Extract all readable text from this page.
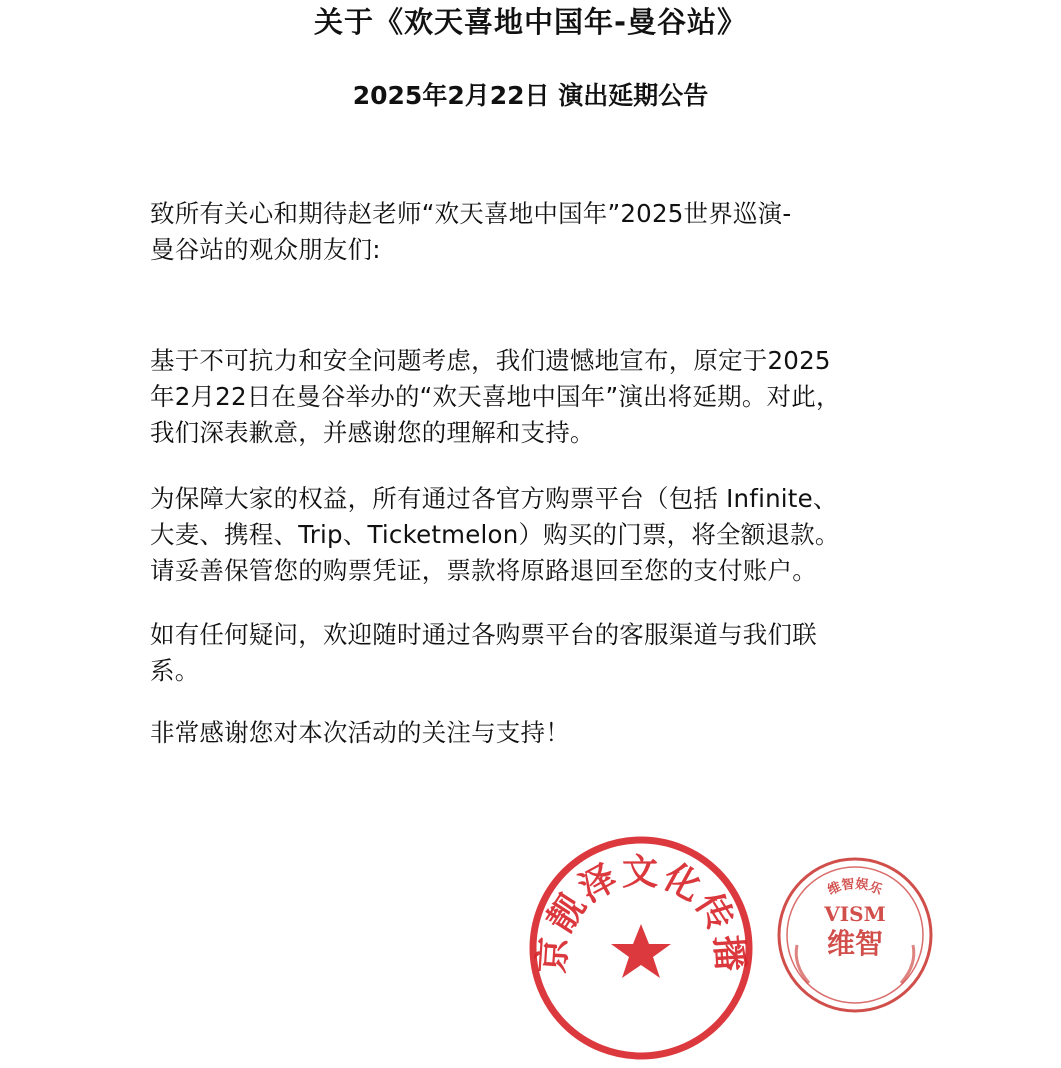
关于《欢天喜地中国年-曼谷站》
2025年2月22日 演出延期公告
致所有关心和期待赵老师“欢天喜地中国年”2025世界巡演-
曼谷站的观众朋友们:
基于不可抗力和安全问题考虑，我们遗憾地宣布，原定于2025
年2月22日在曼谷举办的“欢天喜地中国年”演出将延期。对此，
我们深表歉意，并感谢您的理解和支持。
为保障大家的权益，所有通过各官方购票平台（包括 Infinite、
大麦、携程、Trip、Ticketmelon）购买的门票，将全额退款。
请妥善保管您的购票凭证，票款将原路退回至您的支付账户。
如有任何疑问，欢迎随时通过各购票平台的客服渠道与我们联
系。
非常感谢您对本次活动的关注与支持！
京靓泽文化传播
维智娱乐
VISM
维智
